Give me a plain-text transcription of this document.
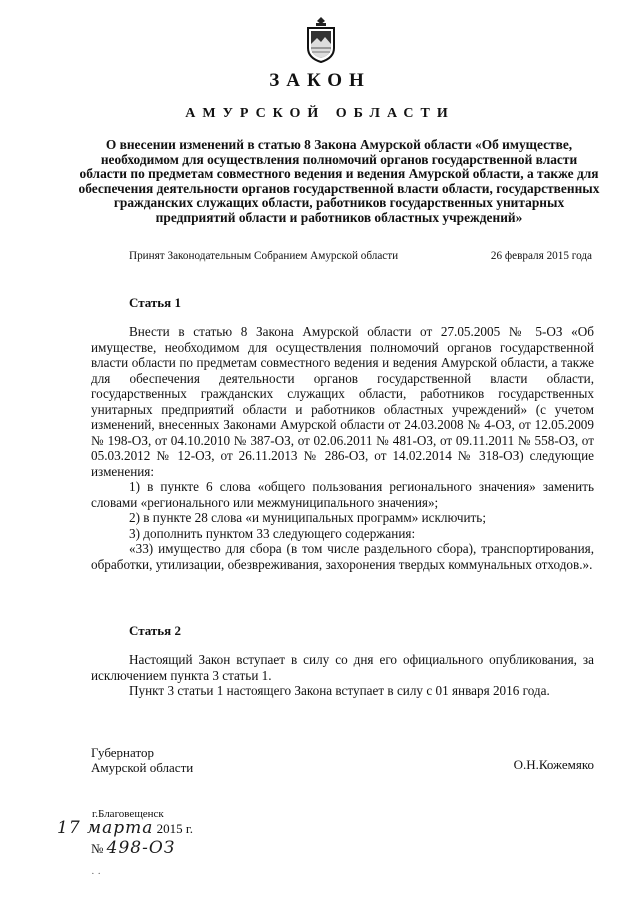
ЗАКОН
АМУРСКОЙ ОБЛАСТИ
О внесении изменений в статью 8 Закона Амурской области «Об имуществе, необходимом для осуществления полномочий органов государственной власти области по предметам совместного ведения и ведения Амурской области, а также для обеспечения деятельности органов государственной власти области, государственных гражданских служащих области, работников государственных унитарных предприятий области и работников областных учреждений»
Принят Законодательным Собранием Амурской области	26 февраля 2015 года
Статья 1

Внести в статью 8 Закона Амурской области от 27.05.2005 № 5-ОЗ «Об имуществе, необходимом для осуществления полномочий органов государственной власти области по предметам совместного ведения и ведения Амурской области, а также для обеспечения деятельности органов государственной власти области, государственных гражданских служащих области, работников государственных унитарных предприятий области и работников областных учреждений» (с учетом изменений, внесенных Законами Амурской области от 24.03.2008 № 4-ОЗ, от 12.05.2009 № 198-ОЗ, от 04.10.2010 № 387-ОЗ, от 02.06.2011 № 481-ОЗ, от 09.11.2011 № 558-ОЗ, от 05.03.2012 № 12-ОЗ, от 26.11.2013 № 286-ОЗ, от 14.02.2014 № 318-ОЗ) следующие изменения:

1) в пункте 6 слова «общего пользования регионального значения» заменить словами «регионального или межмуниципального значения»;

2) в пункте 28 слова «и муниципальных программ» исключить;

3) дополнить пунктом 33 следующего содержания:

«33) имущество для сбора (в том числе раздельного сбора), транспортирования, обработки, утилизации, обезвреживания, захоронения твердых коммунальных отходов.».

Статья 2

Настоящий Закон вступает в силу со дня его официального опубликования, за исключением пункта 3 статьи 1.

Пункт 3 статьи 1 настоящего Закона вступает в силу с 01 января 2016 года.

Губернатор
Амурской области	О.Н.Кожемяко
г.Благовещенск
17 марта 2015 г.
№ 498-ОЗ
· ·
